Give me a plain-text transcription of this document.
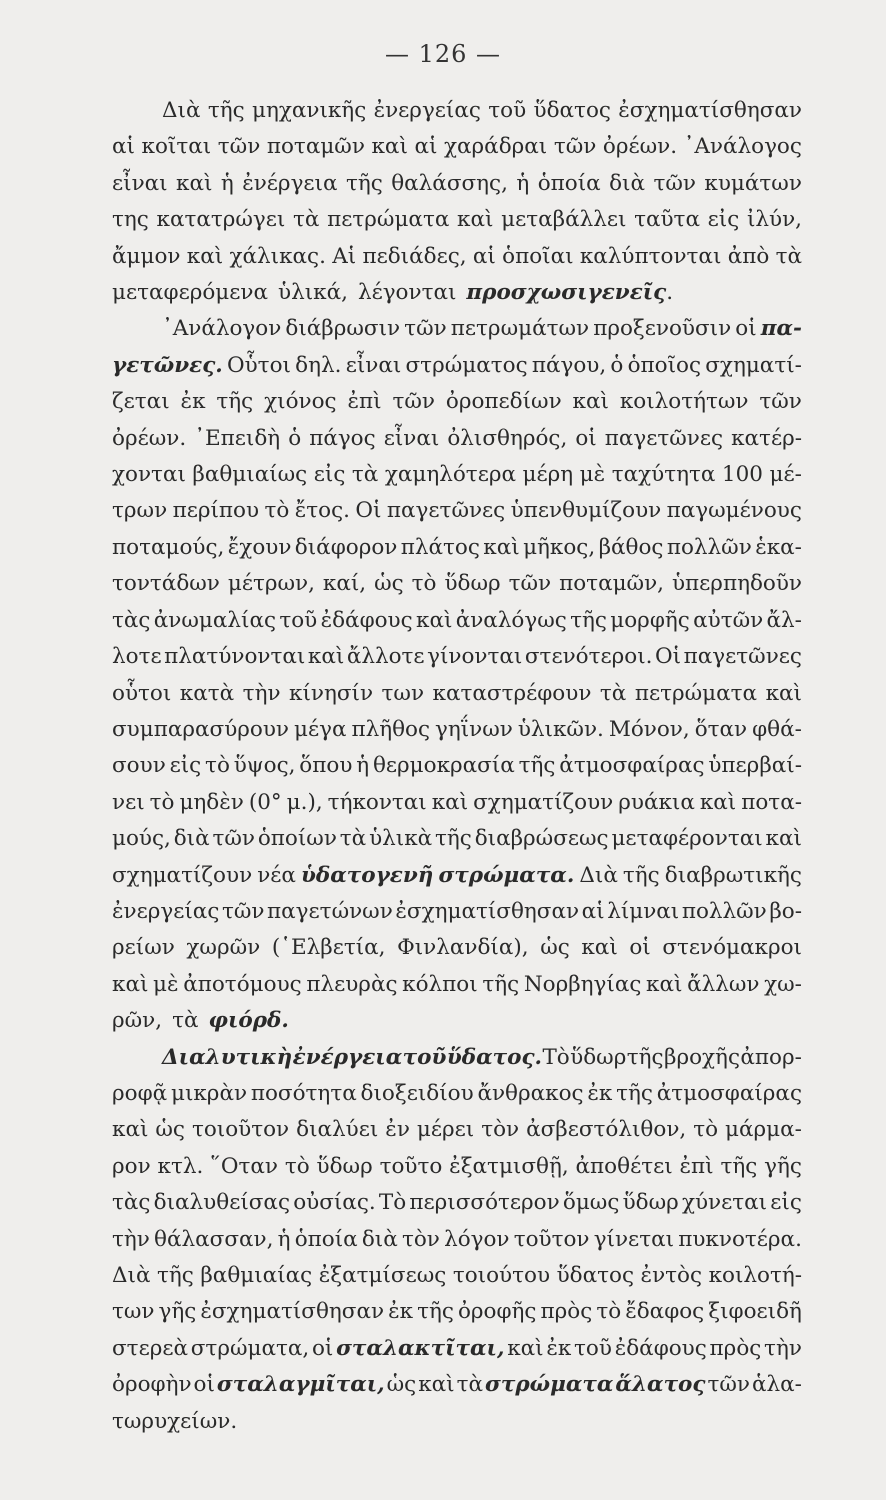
— 126 —
Διὰ τῆς μηχανικῆς ἐνεργείας τοῦ ὕδατος ἐσχηματίσθησαν
αἱ κοῖται τῶν ποταμῶν καὶ αἱ χαράδραι τῶν ὀρέων. ᾿Ανάλογος
εἶναι καὶ ἡ ἐνέργεια τῆς θαλάσσης, ἡ ὁποία διὰ τῶν κυμάτων
της κατατρώγει τὰ πετρώματα καὶ μεταβάλλει ταῦτα εἰς ἰλύν,
ἄμμον καὶ χάλικας. Αἱ πεδιάδες, αἱ ὁποῖαι καλύπτονται ἀπὸ τὰ
μεταφερόμενα ὑλικά, λέγονται προσχωσιγενεῖς .
᾿Ανάλογον διάβρωσιν τῶν πετρωμάτων προξενοῦσιν οἱ πα-
γετῶνες. Οὗτοι δηλ. εἶναι στρώματος πάγου, ὁ ὁποῖος σχηματί-
ζεται ἐκ τῆς χιόνος ἐπὶ τῶν ὀροπεδίων καὶ κοιλοτήτων τῶν
ὀρέων. ᾿Επειδὴ ὁ πάγος εἶναι ὀλισθηρός, οἱ παγετῶνες κατέρ-
χονται βαθμιαίως εἰς τὰ χαμηλότερα μέρη μὲ ταχύτητα 100 μέ-
τρων περίπου τὸ ἔτος. Οἱ παγετῶνες ὑπενθυμίζουν παγωμένους
ποταμούς, ἔχουν διάφορον πλάτος καὶ μῆκος, βάθος πολλῶν ἑκα-
τοντάδων μέτρων, καί, ὡς τὸ ὕδωρ τῶν ποταμῶν, ὑπερπηδοῦν
τὰς ἀνωμαλίας τοῦ ἐδάφους καὶ ἀναλόγως τῆς μορφῆς αὐτῶν ἄλ-
λοτε πλατύνονται καὶ ἄλλοτε γίνονται στενότεροι. Οἱ παγετῶνες
οὗτοι κατὰ τὴν κίνησίν των καταστρέφουν τὰ πετρώματα καὶ
συμπαρασύρουν μέγα πλῆθος γηΐνων ὑλικῶν. Μόνον, ὅταν φθά-
σουν εἰς τὸ ὕψος, ὅπου ἡ θερμοκρασία τῆς ἀτμοσφαίρας ὑπερβαί-
νει τὸ μηδὲν (0° μ.), τήκονται καὶ σχηματίζουν ρυάκια καὶ ποτα-
μούς, διὰ τῶν ὁποίων τὰ ὑλικὰ τῆς διαβρώσεως μεταφέρονται καὶ
σχηματίζουν νέα ὑδατογενῆ στρώματα. Διὰ τῆς διαβρωτικῆς
ἐνεργείας τῶν παγετώνων ἐσχηματίσθησαν αἱ λίμναι πολλῶν βο-
ρείων χωρῶν (῾Ελβετία, Φινλανδία), ὡς καὶ οἱ στενόμακροι
καὶ μὲ ἀποτόμους πλευρὰς κόλποι τῆς Νορβηγίας καὶ ἄλλων χω-
ρῶν, τὰ φιόρδ.
Διαλυτικὴ ἐνέργεια τοῦ ὕδατος. Τὸ ὕδωρ τῆς βροχῆς ἀπορ-
ροφᾷ μικρὰν ποσότητα διοξειδίου ἄνθρακος ἐκ τῆς ἀτμοσφαίρας
καὶ ὡς τοιοῦτον διαλύει ἐν μέρει τὸν ἀσβεστόλιθον, τὸ μάρμα-
ρον κτλ. ῞Οταν τὸ ὕδωρ τοῦτο ἐξατμισθῇ, ἀποθέτει ἐπὶ τῆς γῆς
τὰς διαλυθείσας οὐσίας. Τὸ περισσότερον ὅμως ὕδωρ χύνεται εἰς
τὴν θάλασσαν, ἡ ὁποία διὰ τὸν λόγον τοῦτον γίνεται πυκνοτέρα.
Διὰ τῆς βαθμιαίας ἐξατμίσεως τοιούτου ὕδατος ἐντὸς κοιλοτή-
των γῆς ἐσχηματίσθησαν ἐκ τῆς ὀροφῆς πρὸς τὸ ἔδαφος ξιφοειδῆ
στερεὰ στρώματα, οἱ σταλακτῖται, καὶ ἐκ τοῦ ἐδάφους πρὸς τὴν
ὀροφὴν οἱ σταλαγμῖται, ὡς καὶ τὰ στρώματα ἅλατος τῶν ἁλα-
τωρυχείων.
